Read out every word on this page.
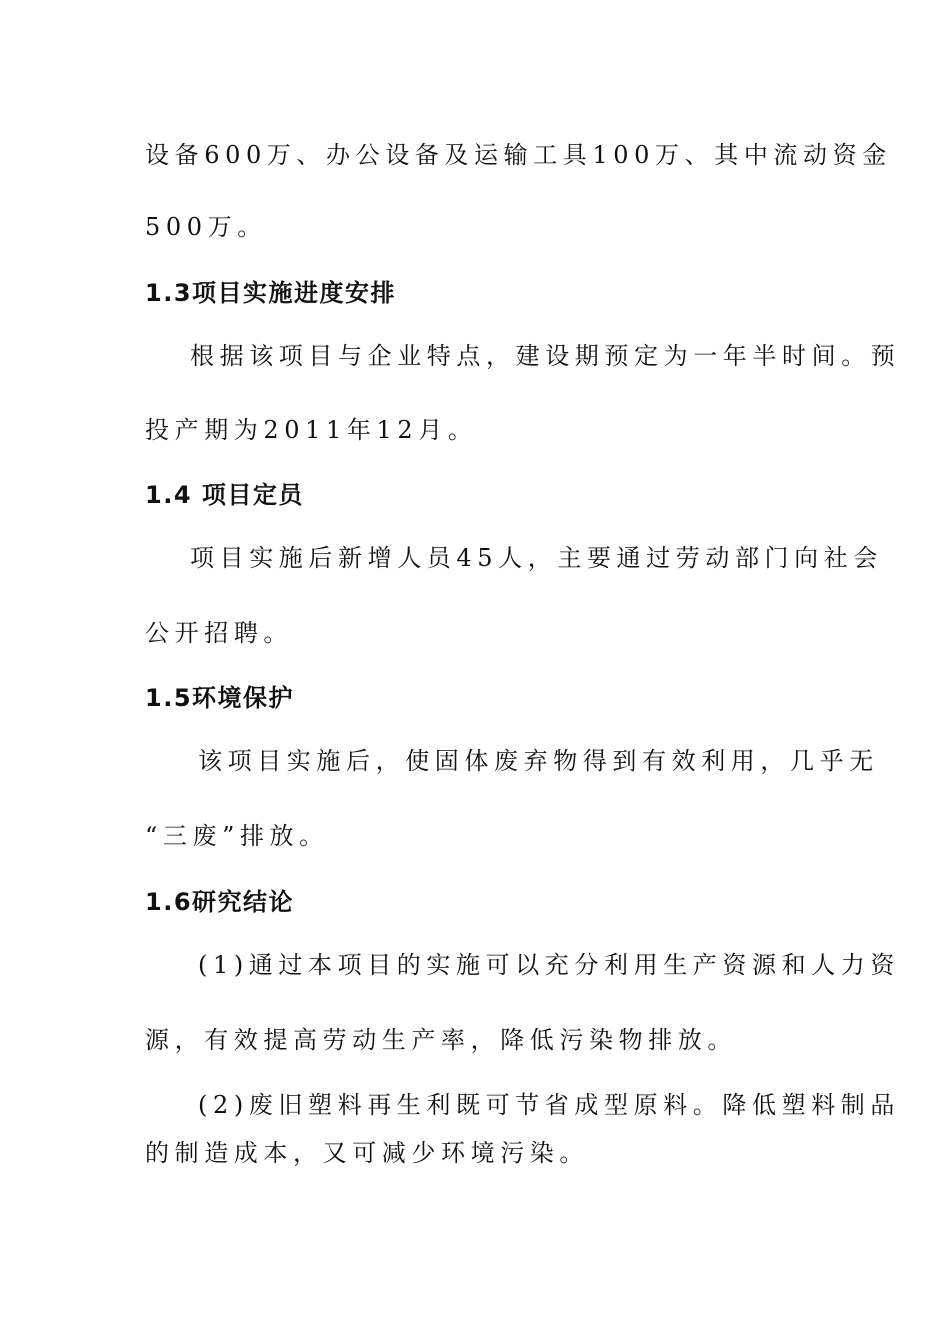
设备600万、办公设备及运输工具100万、其中流动资金
500万。
1.3项目实施进度安排
根据该项目与企业特点，建设期预定为一年半时间。预
投产期为2011年12月。
1.4 项目定员
项目实施后新增人员45人，主要通过劳动部门向社会
公开招聘。
1.5环境保护
该项目实施后，使固体废弃物得到有效利用，几乎无
“三废”排放。
1.6研究结论
(1)通过本项目的实施可以充分利用生产资源和人力资
源，有效提高劳动生产率，降低污染物排放。
(2)废旧塑料再生利既可节省成型原料。降低塑料制品
的制造成本，又可减少环境污染。
